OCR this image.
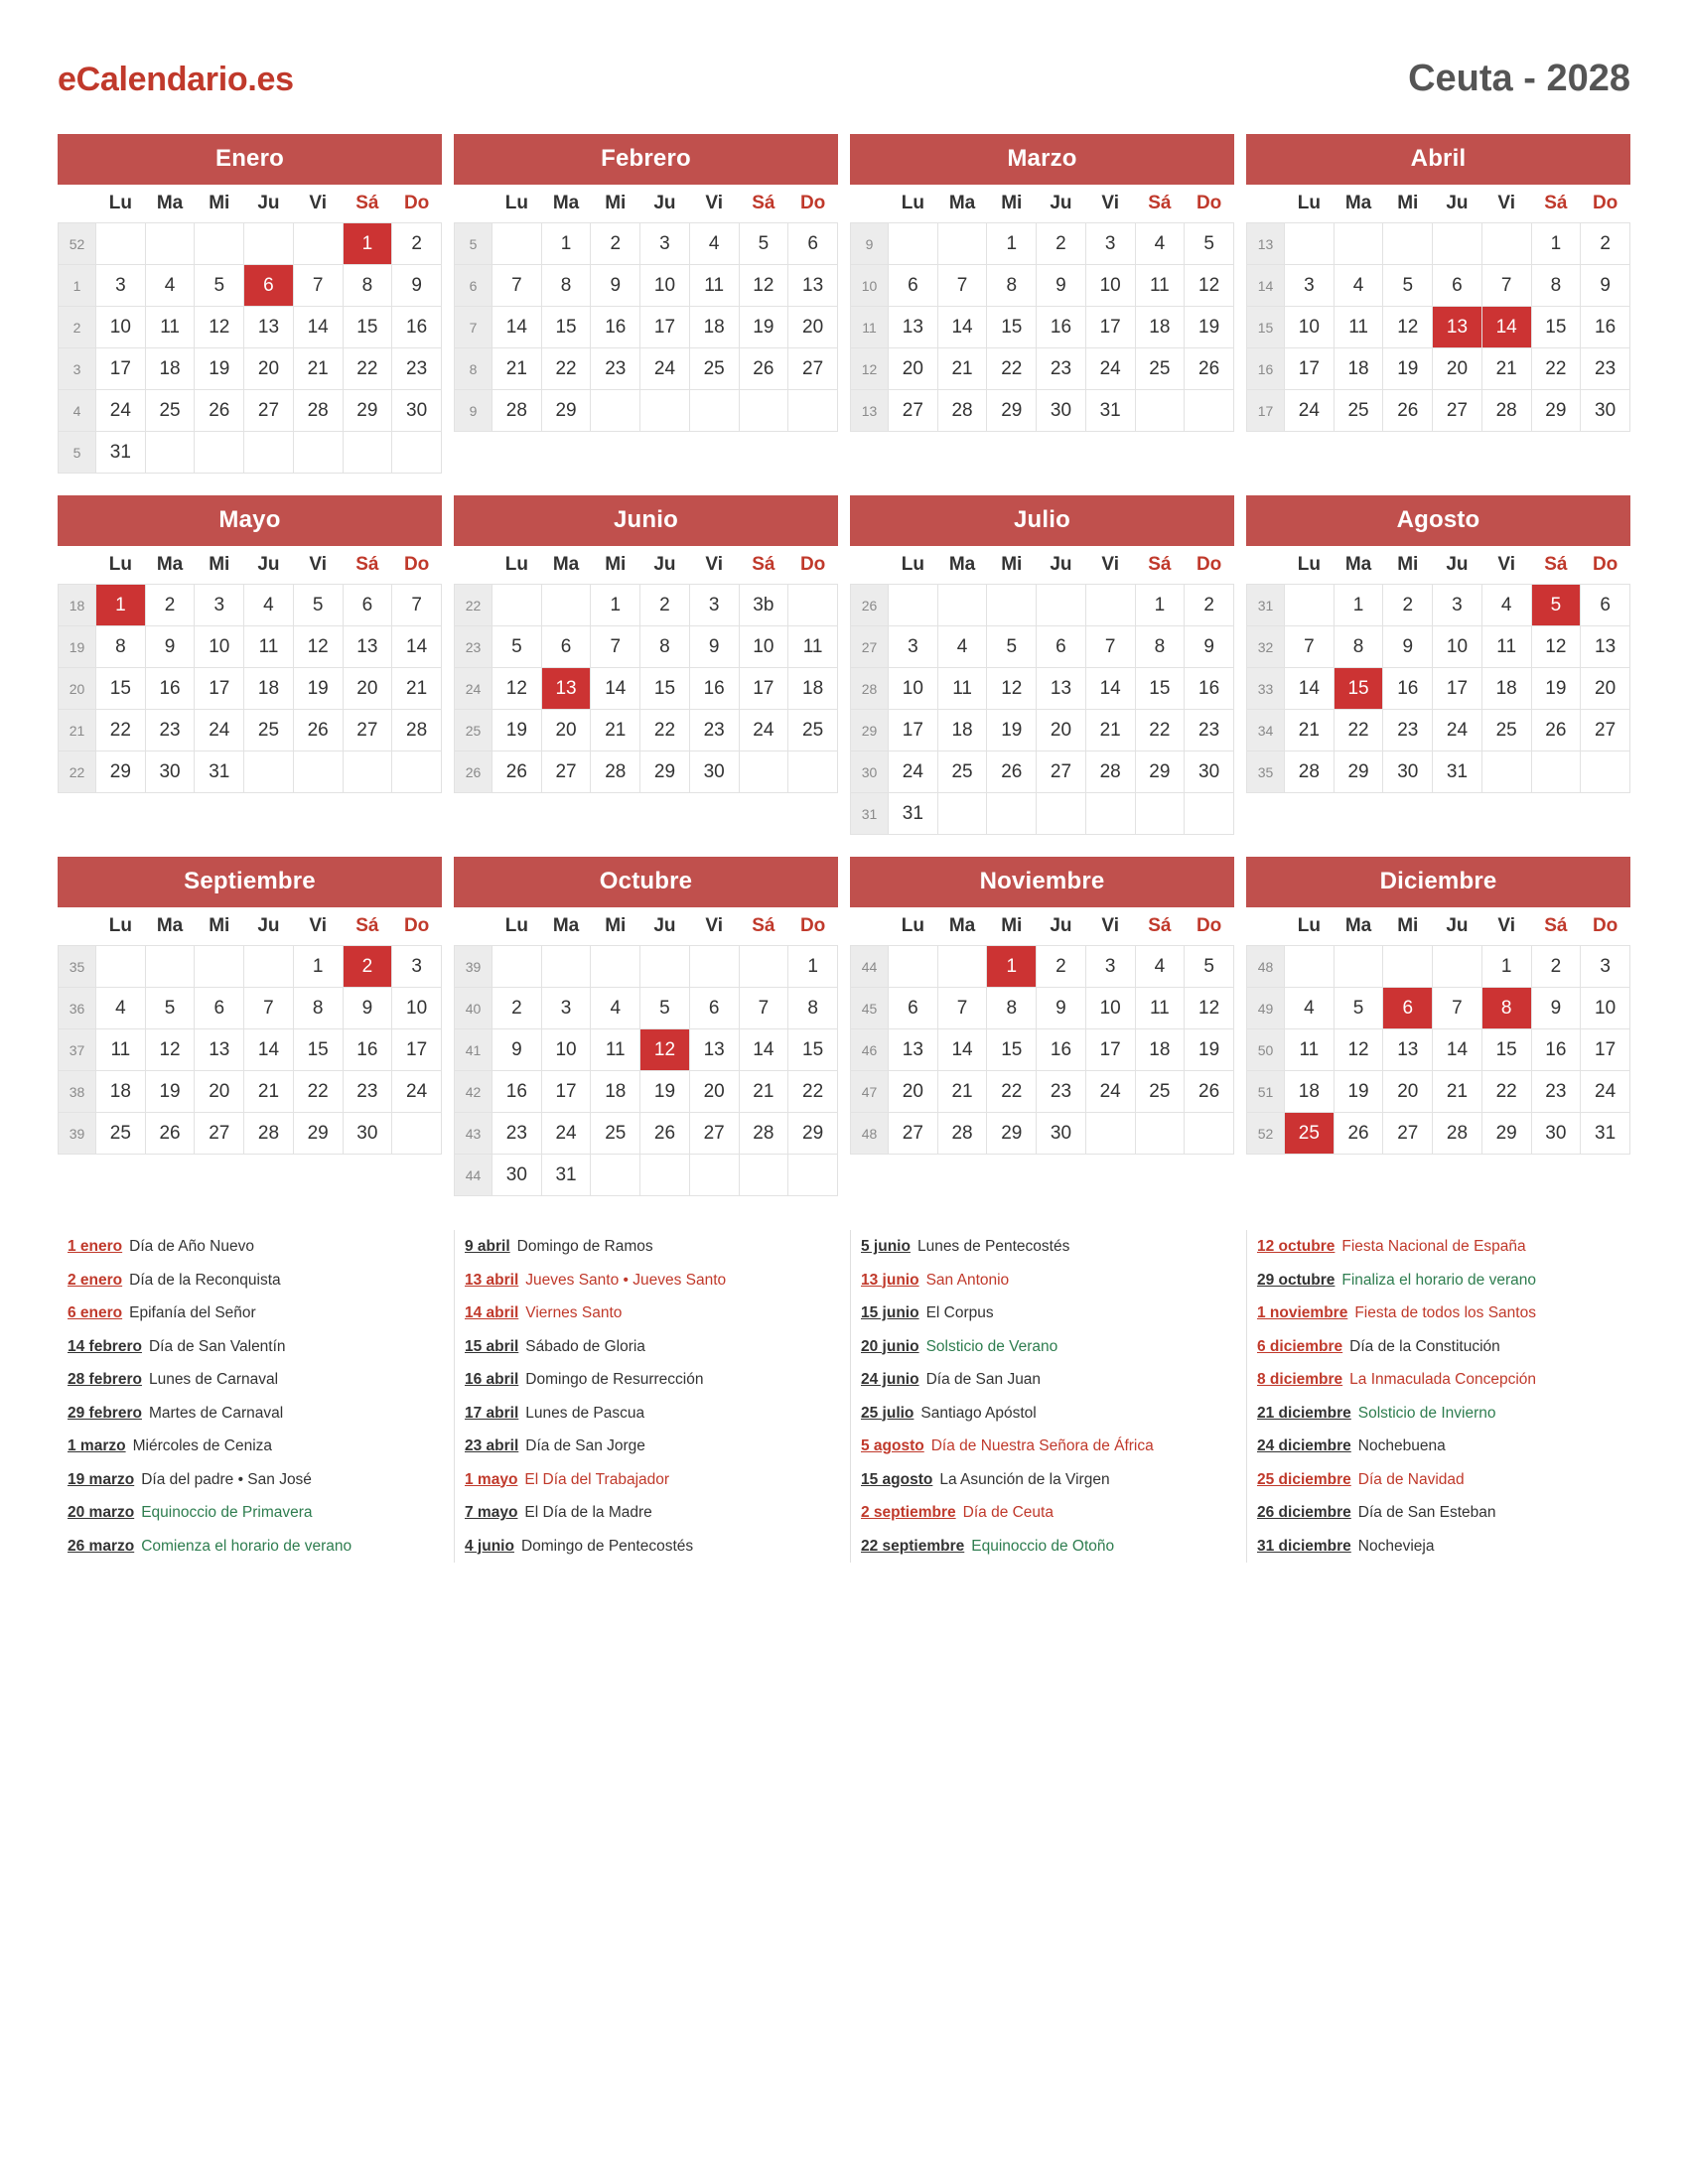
eCalendario.es	Ceuta - 2028
Enero
	Lu	Ma	Mi	Ju	Vi	Sá	Do
52						1	2
1	3	4	5	6	7	8	9
2	10	11	12	13	14	15	16
3	17	18	19	20	21	22	23
4	24	25	26	27	28	29	30
5	31						
Febrero
	Lu	Ma	Mi	Ju	Vi	Sá	Do
5		1	2	3	4	5	6
6	7	8	9	10	11	12	13
7	14	15	16	17	18	19	20
8	21	22	23	24	25	26	27
9	28	29					
Marzo
	Lu	Ma	Mi	Ju	Vi	Sá	Do
9			1	2	3	4	5
10	6	7	8	9	10	11	12
11	13	14	15	16	17	18	19
12	20	21	22	23	24	25	26
13	27	28	29	30	31		
Abril
	Lu	Ma	Mi	Ju	Vi	Sá	Do
13						1	2
14	3	4	5	6	7	8	9
15	10	11	12	13	14	15	16
16	17	18	19	20	21	22	23
17	24	25	26	27	28	29	30
Mayo
	Lu	Ma	Mi	Ju	Vi	Sá	Do
18	1	2	3	4	5	6	7
19	8	9	10	11	12	13	14
20	15	16	17	18	19	20	21
21	22	23	24	25	26	27	28
22	29	30	31				
Junio
	Lu	Ma	Mi	Ju	Vi	Sá	Do
22			1	2	3	3b	
23	5	6	7	8	9	10	11
24	12	13	14	15	16	17	18
25	19	20	21	22	23	24	25
26	26	27	28	29	30		
Julio
	Lu	Ma	Mi	Ju	Vi	Sá	Do
26						1	2
27	3	4	5	6	7	8	9
28	10	11	12	13	14	15	16
29	17	18	19	20	21	22	23
30	24	25	26	27	28	29	30
31	31						
Agosto
	Lu	Ma	Mi	Ju	Vi	Sá	Do
31		1	2	3	4	5	6
32	7	8	9	10	11	12	13
33	14	15	16	17	18	19	20
34	21	22	23	24	25	26	27
35	28	29	30	31			
Septiembre
	Lu	Ma	Mi	Ju	Vi	Sá	Do
35					1	2	3
36	4	5	6	7	8	9	10
37	11	12	13	14	15	16	17
38	18	19	20	21	22	23	24
39	25	26	27	28	29	30	
Octubre
	Lu	Ma	Mi	Ju	Vi	Sá	Do
39							1
40	2	3	4	5	6	7	8
41	9	10	11	12	13	14	15
42	16	17	18	19	20	21	22
43	23	24	25	26	27	28	29
44	30	31					
Noviembre
	Lu	Ma	Mi	Ju	Vi	Sá	Do
44			1	2	3	4	5
45	6	7	8	9	10	11	12
46	13	14	15	16	17	18	19
47	20	21	22	23	24	25	26
48	27	28	29	30			
Diciembre
	Lu	Ma	Mi	Ju	Vi	Sá	Do
48					1	2	3
49	4	5	6	7	8	9	10
50	11	12	13	14	15	16	17
51	18	19	20	21	22	23	24
52	25	26	27	28	29	30	31
1 enero Día de Año Nuevo
2 enero Día de la Reconquista
6 enero Epifanía del Señor
14 febrero Día de San Valentín
28 febrero Lunes de Carnaval
29 febrero Martes de Carnaval
1 marzo Miércoles de Ceniza
19 marzo Día del padre • San José
20 marzo Equinoccio de Primavera
26 marzo Comienza el horario de verano
9 abril Domingo de Ramos
13 abril Jueves Santo • Jueves Santo
14 abril Viernes Santo
15 abril Sábado de Gloria
16 abril Domingo de Resurrección
17 abril Lunes de Pascua
23 abril Día de San Jorge
1 mayo El Día del Trabajador
7 mayo El Día de la Madre
4 junio Domingo de Pentecostés
5 junio Lunes de Pentecostés
13 junio San Antonio
15 junio El Corpus
20 junio Solsticio de Verano
24 junio Día de San Juan
25 julio Santiago Apóstol
5 agosto Día de Nuestra Señora de África
15 agosto La Asunción de la Virgen
2 septiembre Día de Ceuta
22 septiembre Equinoccio de Otoño
12 octubre Fiesta Nacional de España
29 octubre Finaliza el horario de verano
1 noviembre Fiesta de todos los Santos
6 diciembre Día de la Constitución
8 diciembre La Inmaculada Concepción
21 diciembre Solsticio de Invierno
24 diciembre Nochebuena
25 diciembre Día de Navidad
26 diciembre Día de San Esteban
31 diciembre Nochevieja
